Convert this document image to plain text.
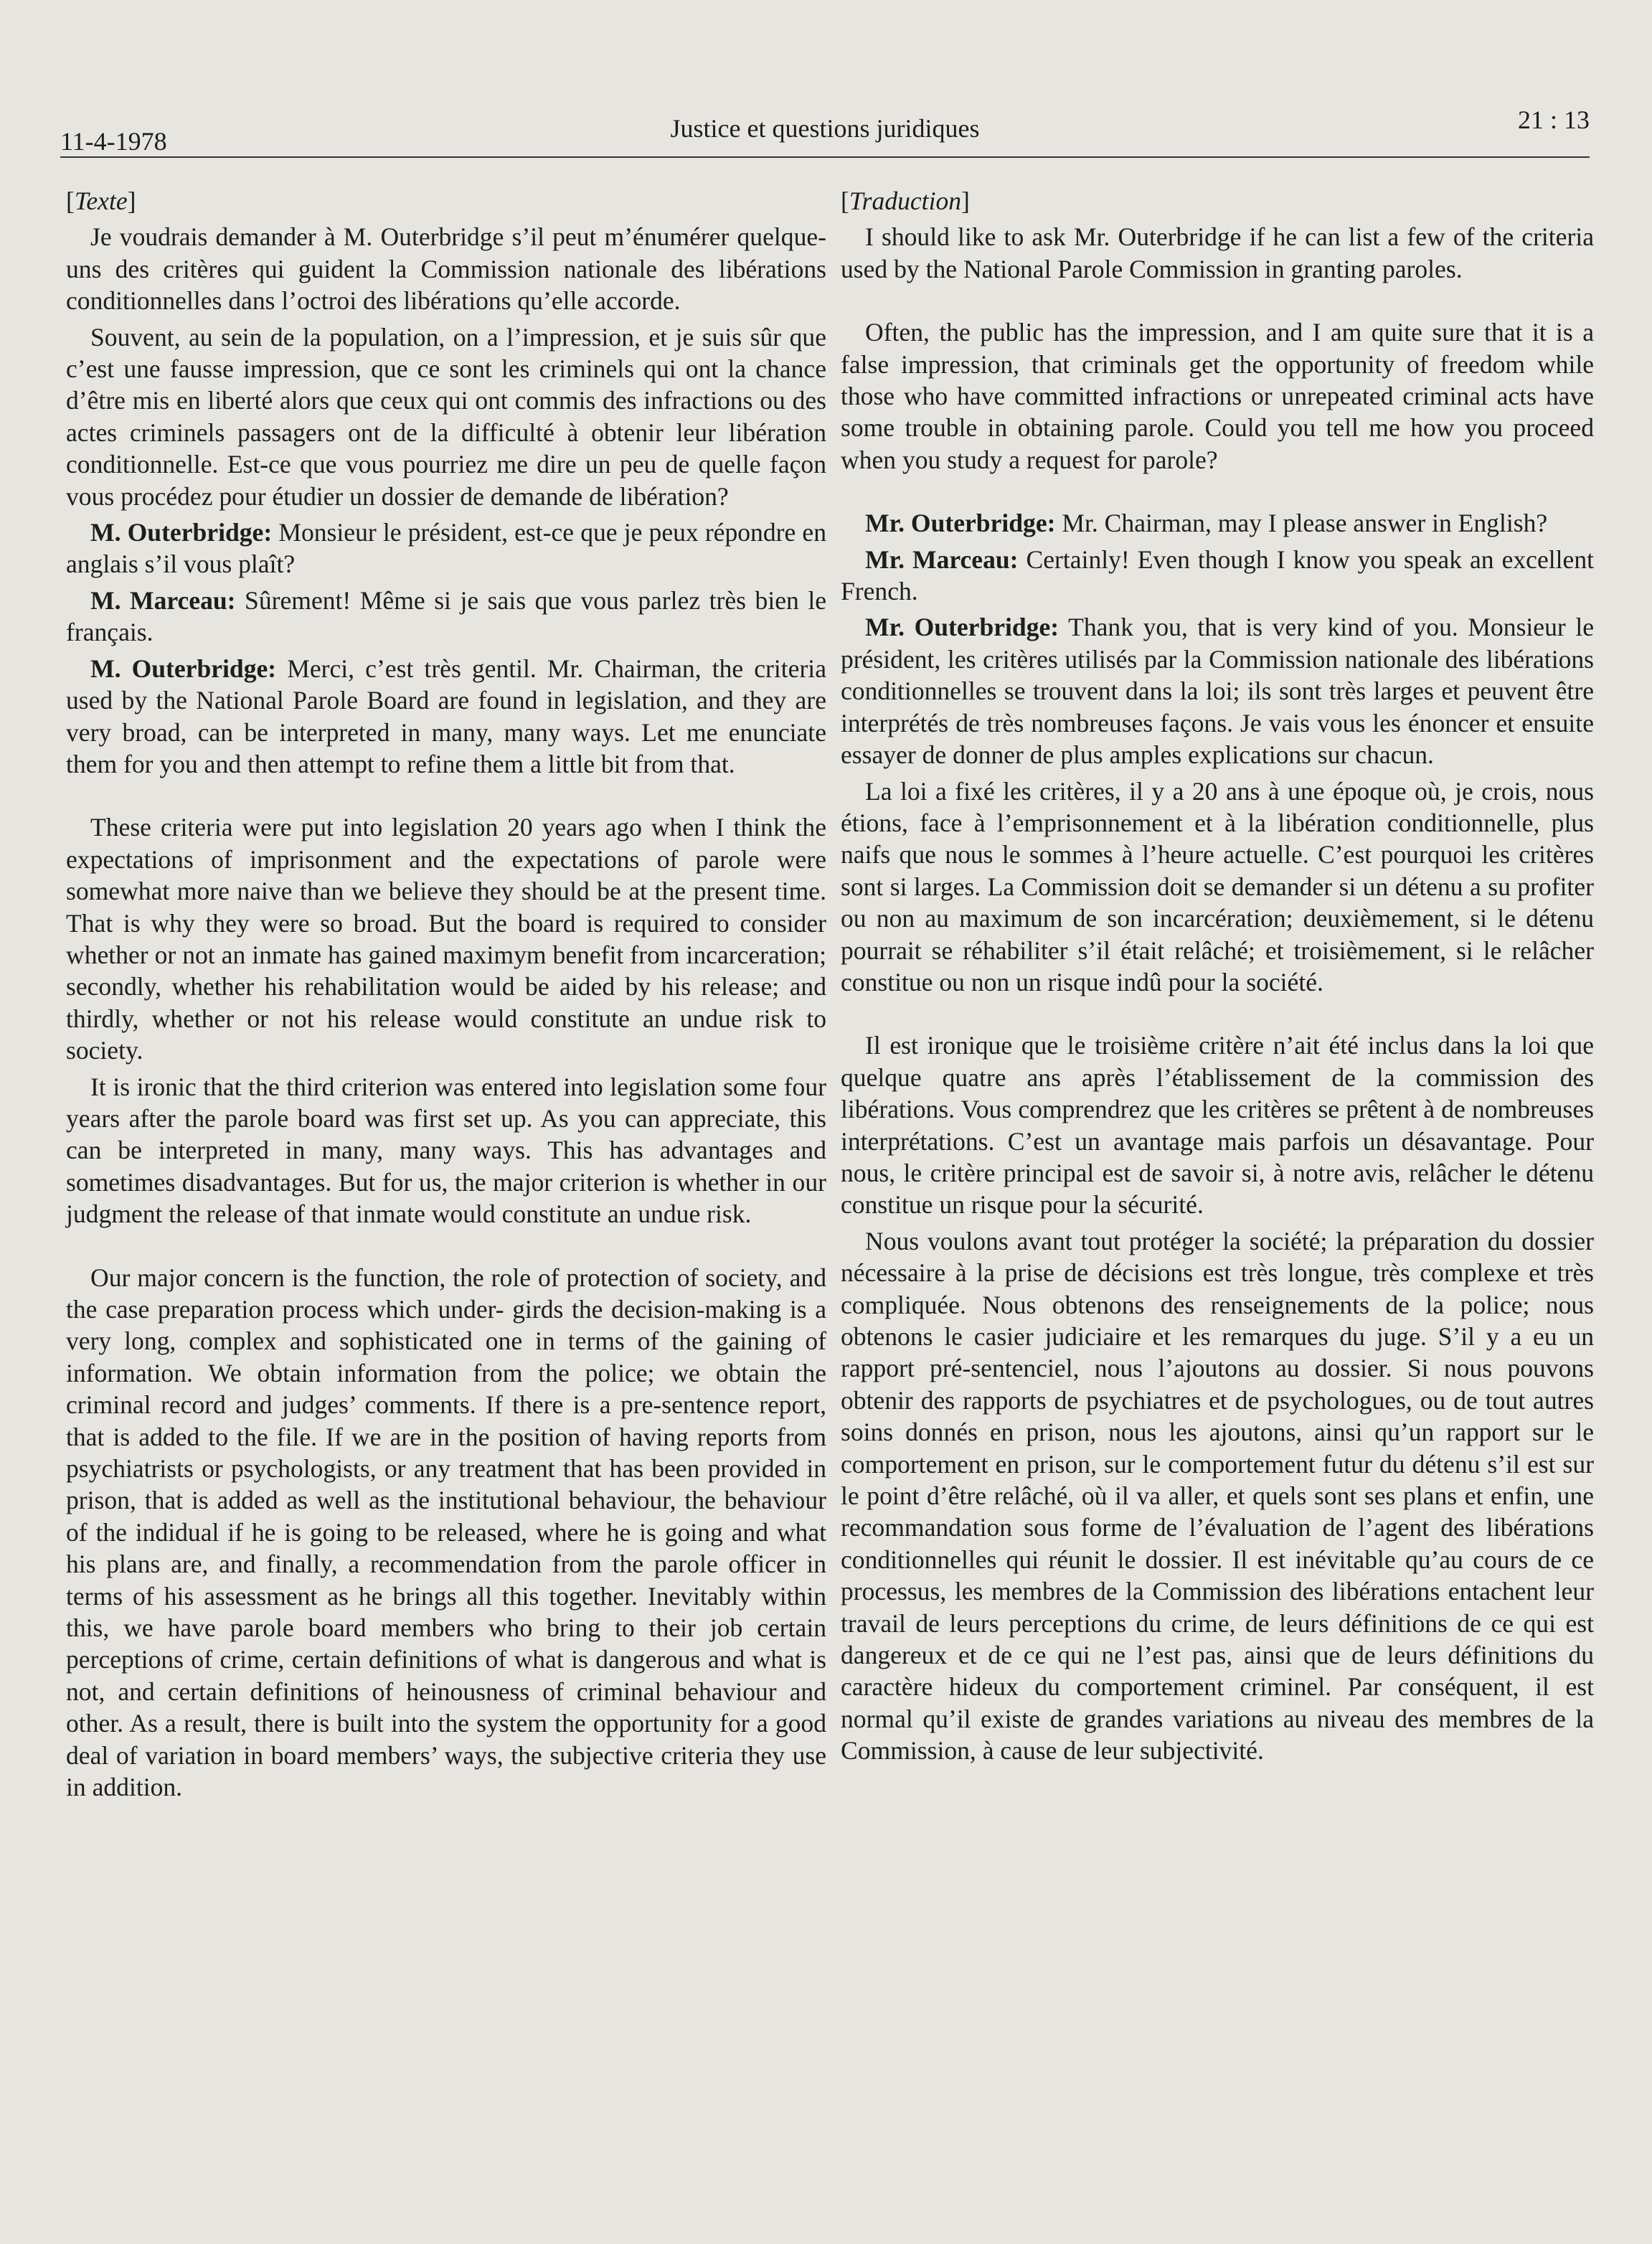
11-4-1978	Justice et questions juridiques	21 : 13

[Texte]

Je voudrais demander à M. Outerbridge s’il peut m’énumérer quelque-uns des critères qui guident la Commission nationale des libérations conditionnelles dans l’octroi des libérations qu’elle accorde.

Souvent, au sein de la population, on a l’impression, et je suis sûr que c’est une fausse impression, que ce sont les criminels qui ont la chance d’être mis en liberté alors que ceux qui ont commis des infractions ou des actes criminels passagers ont de la difficulté à obtenir leur libération conditionnelle. Est-ce que vous pourriez me dire un peu de quelle façon vous procédez pour étudier un dossier de demande de libération?

M. Outerbridge: Monsieur le président, est-ce que je peux répondre en anglais s’il vous plaît?

M. Marceau: Sûrement! Même si je sais que vous parlez très bien le français.

M. Outerbridge: Merci, c’est très gentil. Mr. Chairman, the criteria used by the National Parole Board are found in legislation, and they are very broad, can be interpreted in many, many ways. Let me enunciate them for you and then attempt to refine them a little bit from that.

These criteria were put into legislation 20 years ago when I think the expectations of imprisonment and the expectations of parole were somewhat more naive than we believe they should be at the present time. That is why they were so broad. But the board is required to consider whether or not an inmate has gained maximym benefit from incarceration; secondly, whether his rehabilitation would be aided by his release; and thirdly, whether or not his release would constitute an undue risk to society.

It is ironic that the third criterion was entered into legislation some four years after the parole board was first set up. As you can appreciate, this can be interpreted in many, many ways. This has advantages and sometimes disadvantages. But for us, the major criterion is whether in our judgment the release of that inmate would constitute an undue risk.

Our major concern is the function, the role of protection of society, and the case preparation process which under- girds the decision-making is a very long, complex and sophisticated one in terms of the gaining of information. We obtain information from the police; we obtain the criminal record and judges’ comments. If there is a pre-sentence report, that is added to the file. If we are in the position of having reports from psychiatrists or psychologists, or any treatment that has been provided in prison, that is added as well as the institutional behaviour, the behaviour of the indidual if he is going to be released, where he is going and what his plans are, and finally, a recommendation from the parole officer in terms of his assessment as he brings all this together. Inevitably within this, we have parole board members who bring to their job certain perceptions of crime, certain definitions of what is dangerous and what is not, and certain definitions of heinousness of criminal behaviour and other. As a result, there is built into the system the opportunity for a good deal of variation in board members’ ways, the subjective criteria they use in addition.

[Traduction]

I should like to ask Mr. Outerbridge if he can list a few of the criteria used by the National Parole Commission in granting paroles.

Often, the public has the impression, and I am quite sure that it is a false impression, that criminals get the opportunity of freedom while those who have committed infractions or unrepeated criminal acts have some trouble in obtaining parole. Could you tell me how you proceed when you study a request for parole?

Mr. Outerbridge: Mr. Chairman, may I please answer in English?

Mr. Marceau: Certainly! Even though I know you speak an excellent French.

Mr. Outerbridge: Thank you, that is very kind of you. Monsieur le président, les critères utilisés par la Commission nationale des libérations conditionnelles se trouvent dans la loi; ils sont très larges et peuvent être interprétés de très nombreuses façons. Je vais vous les énoncer et ensuite essayer de donner de plus amples explications sur chacun.

La loi a fixé les critères, il y a 20 ans à une époque où, je crois, nous étions, face à l’emprisonnement et à la libération conditionnelle, plus naifs que nous le sommes à l’heure actuelle. C’est pourquoi les critères sont si larges. La Commission doit se demander si un détenu a su profiter ou non au maximum de son incarcération; deuxièmement, si le détenu pourrait se réhabiliter s’il était relâché; et troisièmement, si le relâcher constitue ou non un risque indû pour la société.

Il est ironique que le troisième critère n’ait été inclus dans la loi que quelque quatre ans après l’établissement de la commission des libérations. Vous comprendrez que les critères se prêtent à de nombreuses interprétations. C’est un avantage mais parfois un désavantage. Pour nous, le critère principal est de savoir si, à notre avis, relâcher le détenu constitue un risque pour la sécurité.

Nous voulons avant tout protéger la société; la préparation du dossier nécessaire à la prise de décisions est très longue, très complexe et très compliquée. Nous obtenons des renseignements de la police; nous obtenons le casier judiciaire et les remarques du juge. S’il y a eu un rapport pré-sentenciel, nous l’ajoutons au dossier. Si nous pouvons obtenir des rapports de psychiatres et de psychologues, ou de tout autres soins donnés en prison, nous les ajoutons, ainsi qu’un rapport sur le comportement en prison, sur le comportement futur du détenu s’il est sur le point d’être relâché, où il va aller, et quels sont ses plans et enfin, une recommandation sous forme de l’évaluation de l’agent des libérations conditionnelles qui réunit le dossier. Il est inévitable qu’au cours de ce processus, les membres de la Commission des libérations entachent leur travail de leurs perceptions du crime, de leurs définitions de ce qui est dangereux et de ce qui ne l’est pas, ainsi que de leurs définitions du caractère hideux du comportement criminel. Par conséquent, il est normal qu’il existe de grandes variations au niveau des membres de la Commission, à cause de leur subjectivité.
